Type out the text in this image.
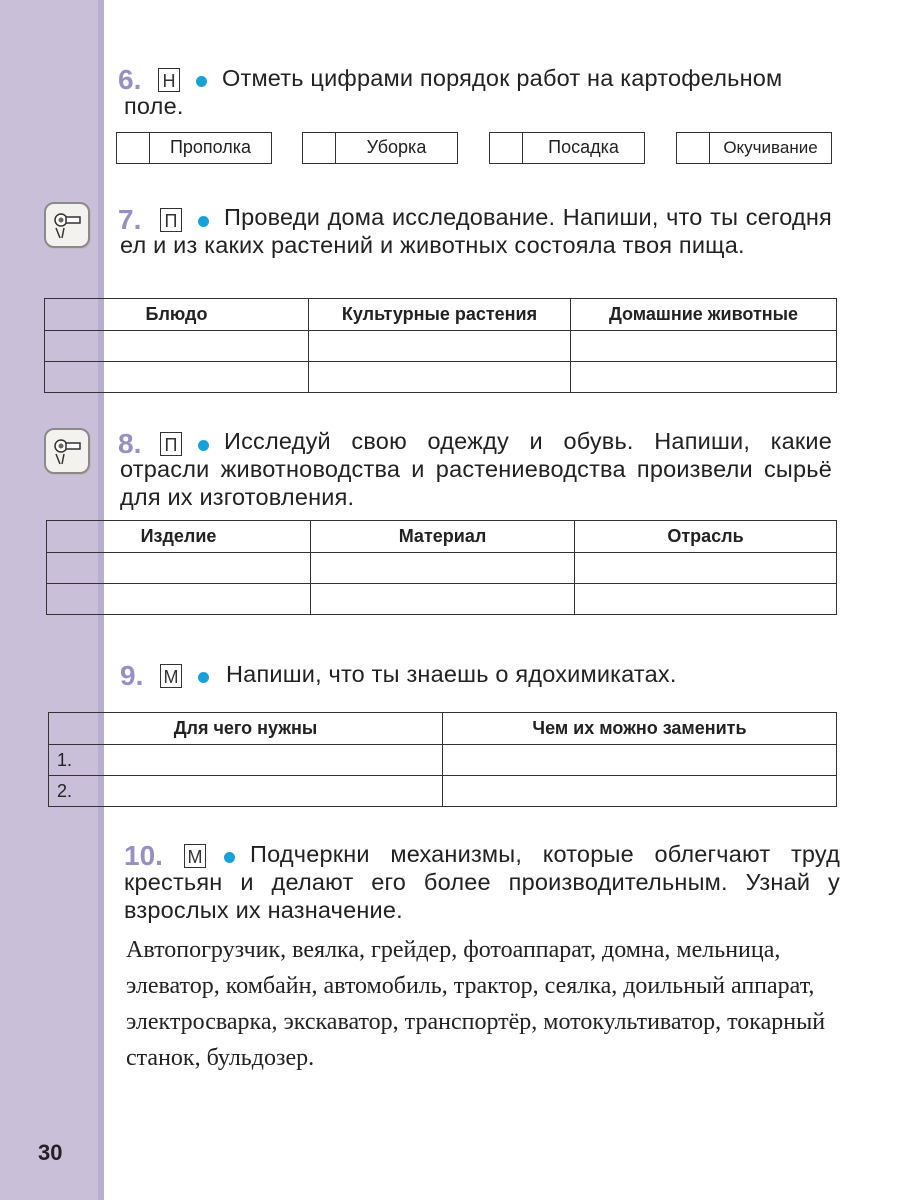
6. Н	Отметь цифрами порядок работ на картофельном поле.
Прополка	Уборка	Посадка	Окучивание
7. П	Проведи дома исследование. Напиши, что ты сегодня ел и из каких растений и животных состояла твоя пища.
Блюдо	Культурные растения	Домашние животные

8. П	Исследуй свою одежду и обувь. Напиши, какие отрасли животноводства и растениеводства произвели сырьё для их изготовления.
Изделие	Материал	Отрасль

9. М Напиши, что ты знаешь о ядохимикатах.
Для чего нужны	Чем их можно заменить
1.	
2.	
10. М	Подчеркни механизмы, которые облегчают труд крестьян и делают его более производительным. Узнай у взрослых их назначение.
Автопогрузчик, веялка, грейдер, фотоаппарат, домна, мельница, элеватор, комбайн, автомобиль, трактор, сеялка, доильный аппарат, электросварка, экскаватор, транспортёр, мотокультиватор, токарный станок, бульдозер.
30
